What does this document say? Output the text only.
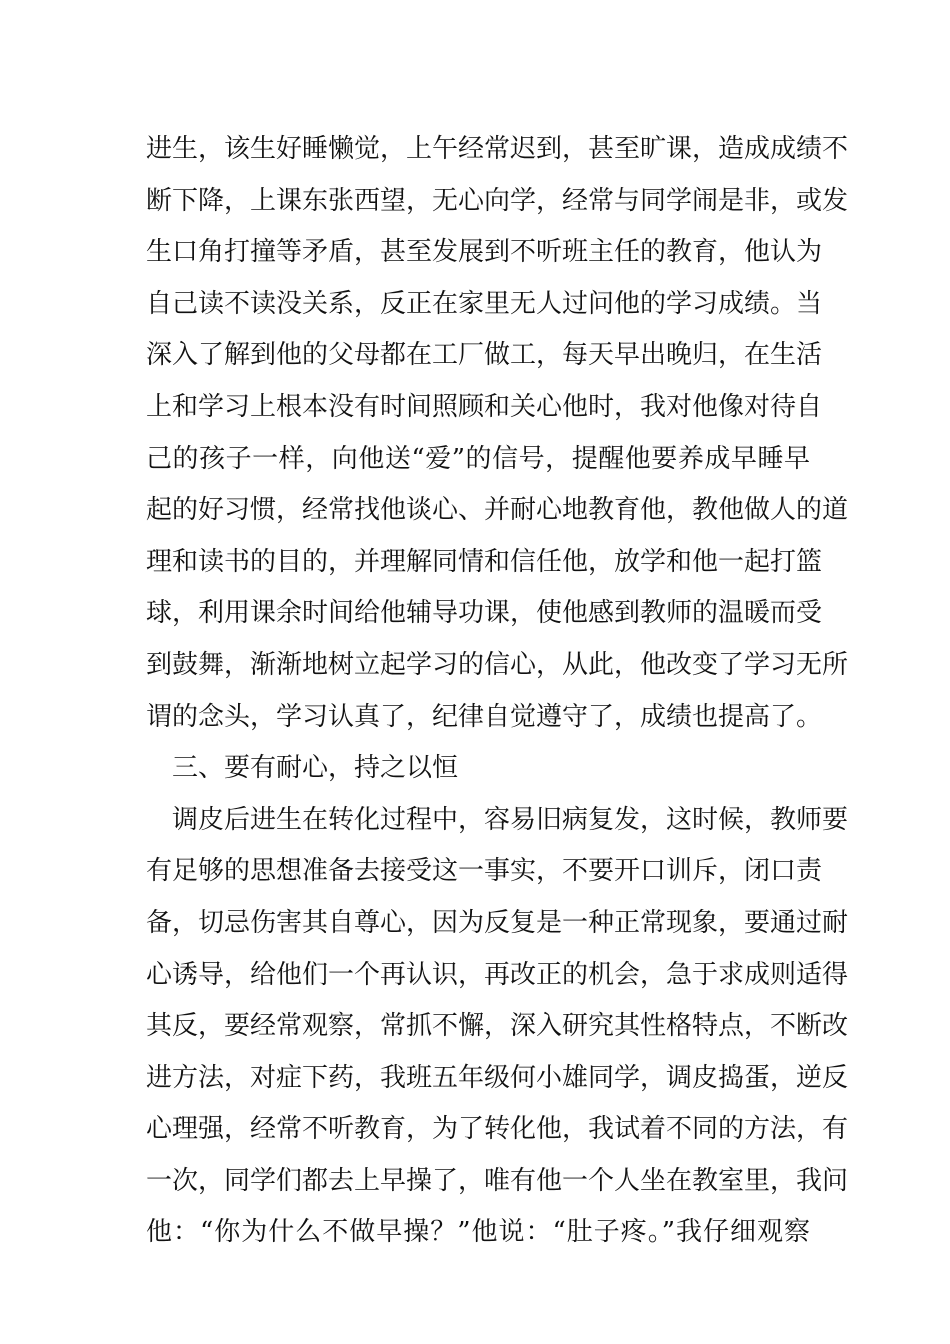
进生，该生好睡懒觉，上午经常迟到，甚至旷课，造成成绩不
断下降，上课东张西望，无心向学，经常与同学闹是非，或发
生口角打撞等矛盾，甚至发展到不听班主任的教育，他认为
自己读不读没关系，反正在家里无人过问他的学习成绩。当
深入了解到他的父母都在工厂做工，每天早出晚归，在生活
上和学习上根本没有时间照顾和关心他时，我对他像对待自
己的孩子一样，向他送“爱”的信号，提醒他要养成早睡早
起的好习惯，经常找他谈心、并耐心地教育他，教他做人的道
理和读书的目的，并理解同情和信任他，放学和他一起打篮
球，利用课余时间给他辅导功课，使他感到教师的温暖而受
到鼓舞，渐渐地树立起学习的信心，从此，他改变了学习无所
谓的念头，学习认真了，纪律自觉遵守了，成绩也提高了。
三、要有耐心，持之以恒
调皮后进生在转化过程中，容易旧病复发，这时候，教师要
有足够的思想准备去接受这一事实，不要开口训斥，闭口责
备，切忌伤害其自尊心，因为反复是一种正常现象，要通过耐
心诱导，给他们一个再认识，再改正的机会，急于求成则适得
其反，要经常观察，常抓不懈，深入研究其性格特点，不断改
进方法，对症下药，我班五年级何小雄同学，调皮捣蛋，逆反
心理强，经常不听教育，为了转化他，我试着不同的方法，有
一次，同学们都去上早操了，唯有他一个人坐在教室里，我问
他：“你为什么不做早操？”他说：“肚子疼。”我仔细观察
